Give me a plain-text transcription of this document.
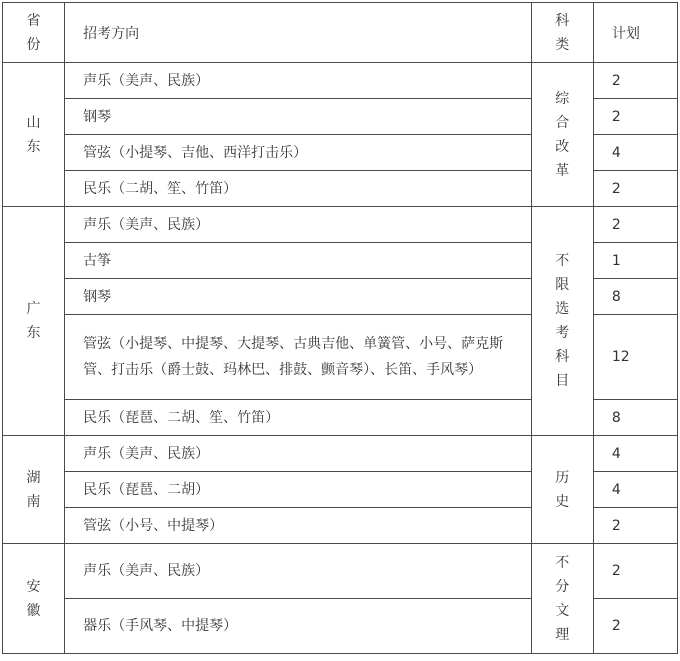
省份	招考方向	科类	计划
山东	声乐（美声、民族）	综合改革	2
	钢琴		2
	管弦（小提琴、吉他、西洋打击乐）		4
	民乐（二胡、笙、竹笛）		2
广东	声乐（美声、民族）	不限选考科目	2
	古筝		1
	钢琴		8
	管弦（小提琴、中提琴、大提琴、古典吉他、单簧管、小号、萨克斯管、打击乐（爵士鼓、玛林巴、排鼓、颤音琴）、长笛、手风琴）		12
	民乐（琵琶、二胡、笙、竹笛）		8
湖南	声乐（美声、民族）	历史	4
	民乐（琵琶、二胡）		4
	管弦（小号、中提琴）		2
安徽	声乐（美声、民族）	不分文理	2
	器乐（手风琴、中提琴）		2
